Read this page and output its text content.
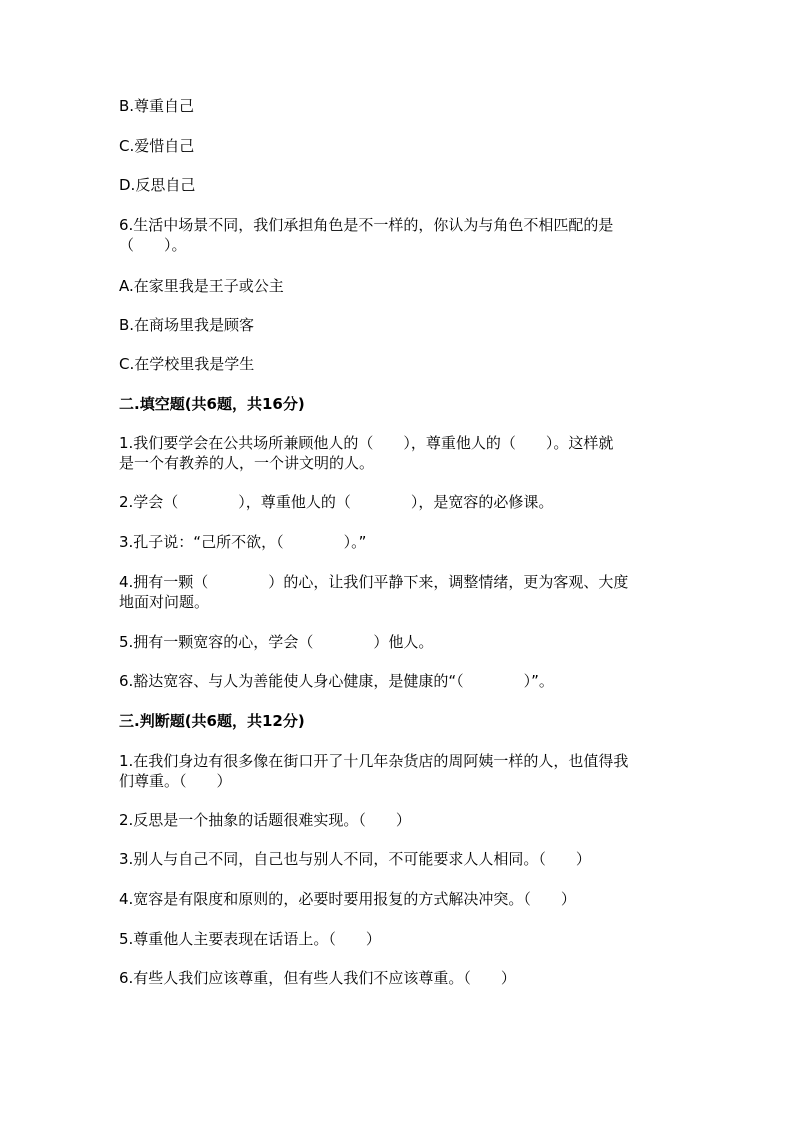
B.尊重自己
C.爱惜自己
D.反思自己
6.生活中场景不同，我们承担角色是不一样的，你认为与角色不相匹配的是
（　　）。
A.在家里我是王子或公主
B.在商场里我是顾客
C.在学校里我是学生
二.填空题(共6题，共16分)
1.我们要学会在公共场所兼顾他人的（　　），尊重他人的（　　）。这样就
是一个有教养的人，一个讲文明的人。
2.学会（　　　　），尊重他人的（　　　　），是宽容的必修课。
3.孔子说：“己所不欲，（　　　　）。”
4.拥有一颗（　　　　）的心，让我们平静下来，调整情绪，更为客观、大度
地面对问题。
5.拥有一颗宽容的心，学会（　　　　）他人。
6.豁达宽容、与人为善能使人身心健康，是健康的“（　　　　）”。
三.判断题(共6题，共12分)
1.在我们身边有很多像在街口开了十几年杂货店的周阿姨一样的人，也值得我
们尊重。（　　）
2.反思是一个抽象的话题很难实现。（　　）
3.别人与自己不同，自己也与别人不同，不可能要求人人相同。（　　）
4.宽容是有限度和原则的，必要时要用报复的方式解决冲突。（　　）
5.尊重他人主要表现在话语上。（　　）
6.有些人我们应该尊重，但有些人我们不应该尊重。（　　）
